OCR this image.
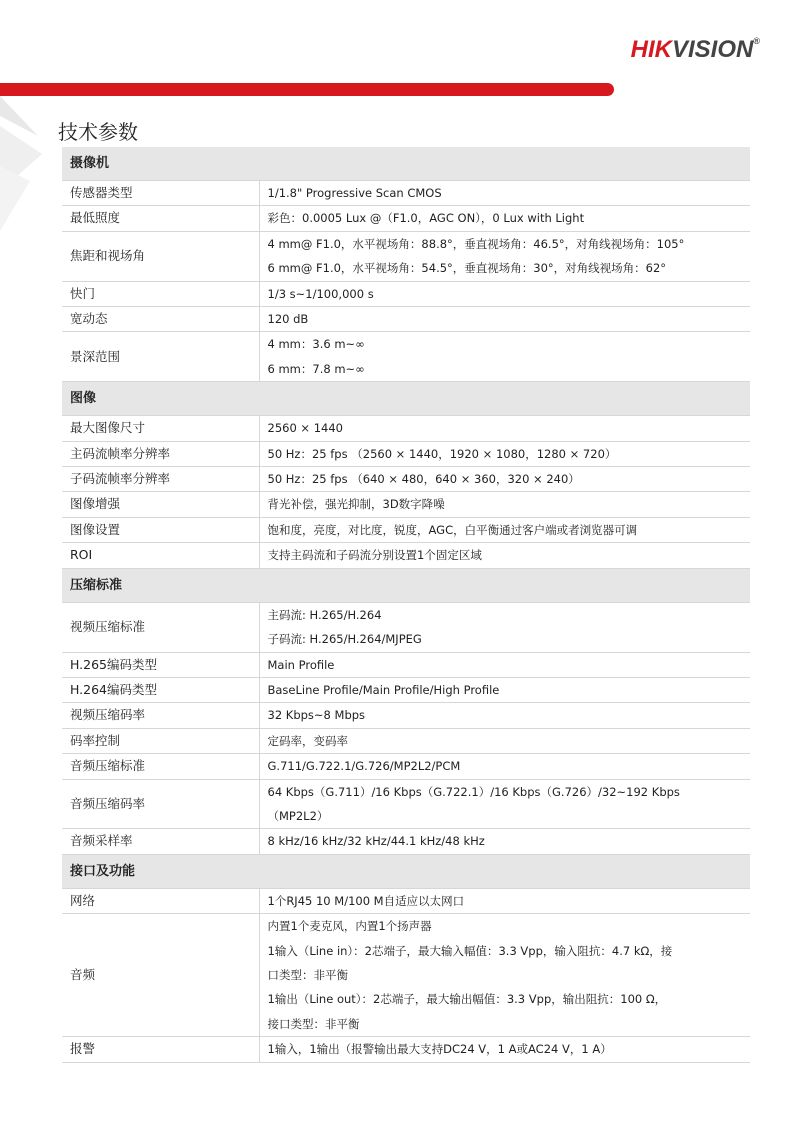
HIKVISION®
技术参数
摄像机	
传感器类型	1/1.8" Progressive Scan CMOS

最低照度	彩色：0.0005 Lux @（F1.0，AGC ON），0 Lux with Light

焦距和视场角	4 mm@ F1.0，水平视场角：88.8°，垂直视场角：46.5°，对角线视场角：105°
6 mm@ F1.0，水平视场角：54.5°，垂直视场角：30°，对角线视场角：62°

快门	1/3 s~1/100,000 s

宽动态	120 dB

景深范围	4 mm：3.6 m~∞
6 mm：7.8 m~∞

图像	
最大图像尺寸	2560 × 1440

主码流帧率分辨率	50 Hz：25 fps （2560 × 1440，1920 × 1080，1280 × 720）

子码流帧率分辨率	50 Hz：25 fps （640 × 480，640 × 360，320 × 240）

图像增强	背光补偿，强光抑制，3D数字降噪

图像设置	饱和度，亮度，对比度，锐度，AGC，白平衡通过客户端或者浏览器可调

ROI	支持主码流和子码流分别设置1个固定区域

压缩标准	
视频压缩标准	主码流: H.265/H.264
子码流: H.265/H.264/MJPEG

H.265编码类型	Main Profile

H.264编码类型	BaseLine Profile/Main Profile/High Profile

视频压缩码率	32 Kbps~8 Mbps

码率控制	定码率，变码率

音频压缩标准	G.711/G.722.1/G.726/MP2L2/PCM

音频压缩码率	64 Kbps（G.711）/16 Kbps（G.722.1）/16 Kbps（G.726）/32~192 Kbps
（MP2L2）

音频采样率	8 kHz/16 kHz/32 kHz/44.1 kHz/48 kHz

接口及功能	
网络	1个RJ45 10 M/100 M自适应以太网口

音频	内置1个麦克风，内置1个扬声器
1输入（Line in）：2芯端子，最大输入幅值：3.3 Vpp，输入阻抗：4.7 kΩ，接
口类型：非平衡
1输出（Line out）：2芯端子，最大输出幅值：3.3 Vpp，输出阻抗：100 Ω，
接口类型：非平衡

报警	1输入，1输出（报警输出最大支持DC24 V，1 A或AC24 V，1 A）
